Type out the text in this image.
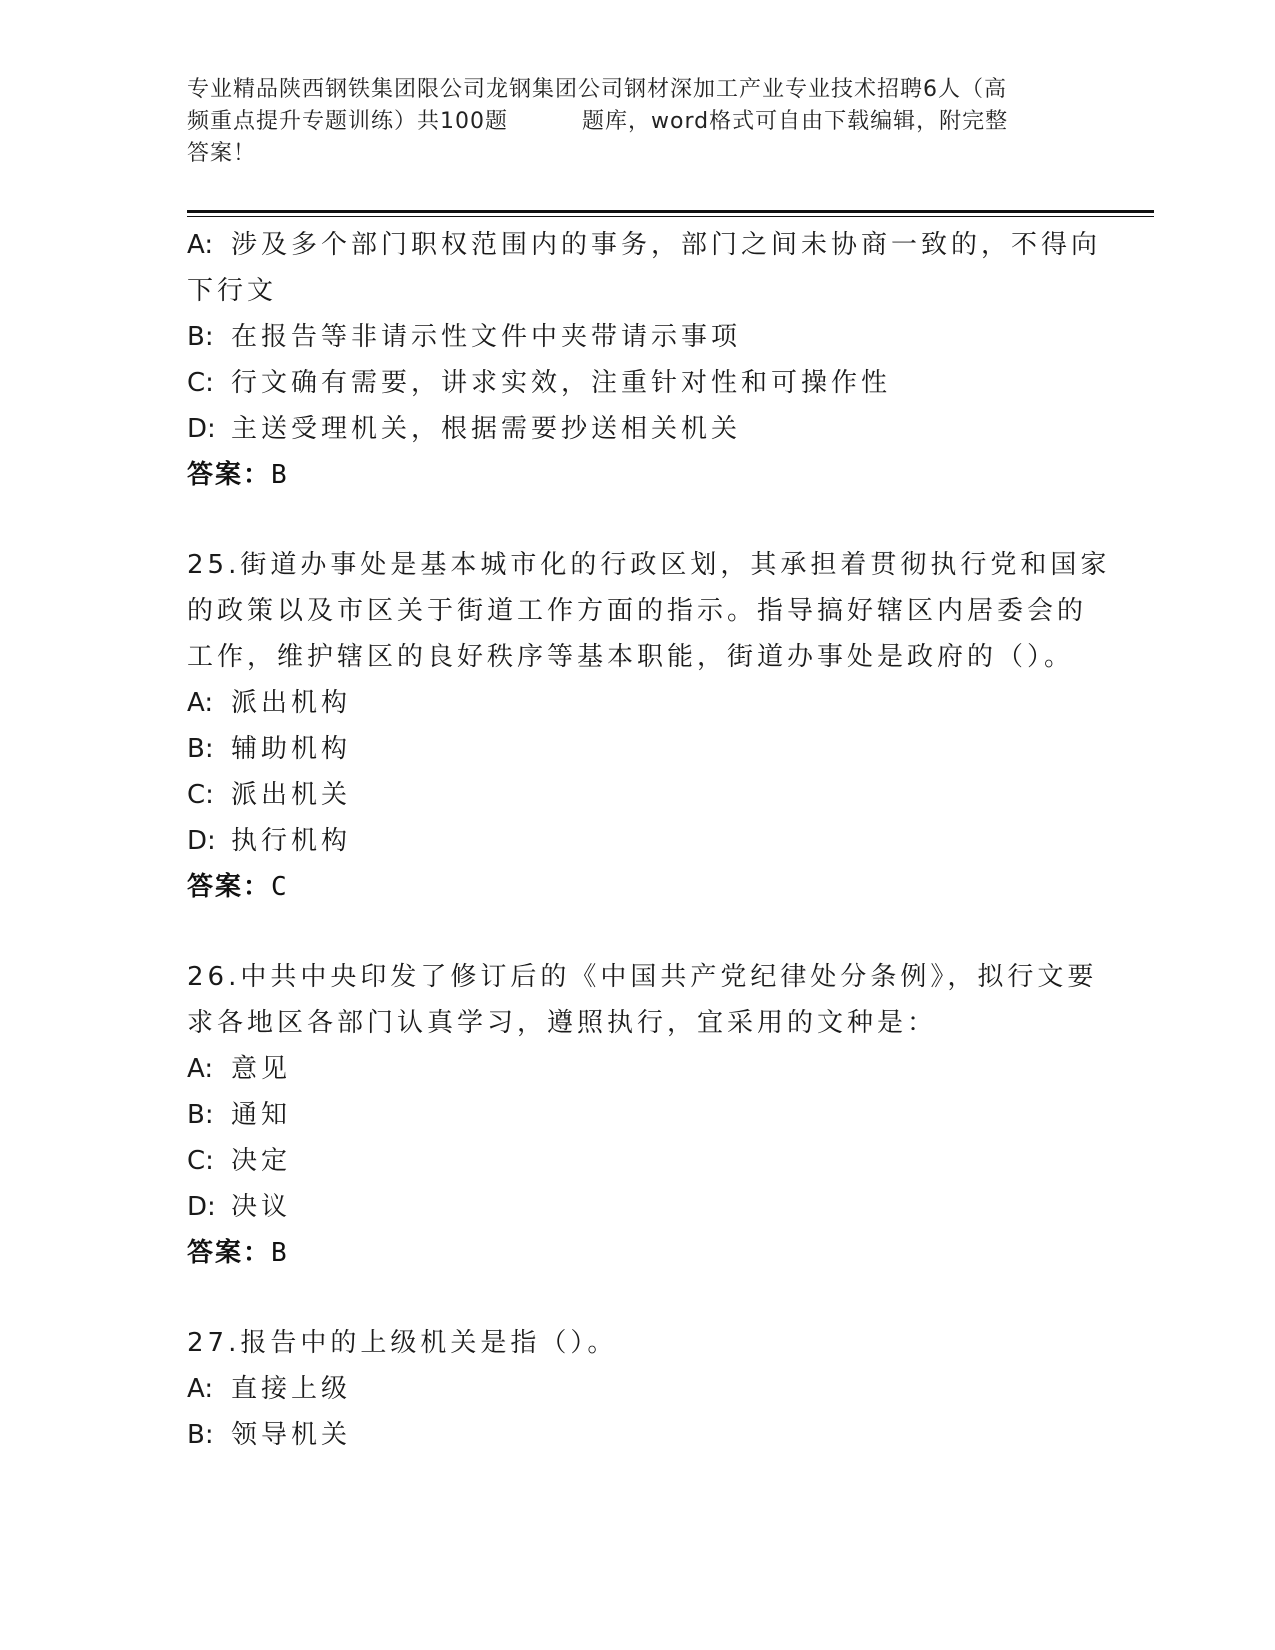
专业精品陕西钢铁集团限公司龙钢集团公司钢材深加工产业专业技术招聘6人（高
频重点提升专题训练）共100题	题库，word格式可自由下载编辑，附完整
答案！
A: 涉及多个部门职权范围内的事务，部门之间未协商一致的，不得向
下行文
B: 在报告等非请示性文件中夹带请示事项
C: 行文确有需要，讲求实效，注重针对性和可操作性
D: 主送受理机关，根据需要抄送相关机关
答案：B
25.街道办事处是基本城市化的行政区划，其承担着贯彻执行党和国家
的政策以及市区关于街道工作方面的指示。指导搞好辖区内居委会的
工作，维护辖区的良好秩序等基本职能，街道办事处是政府的（）。
A: 派出机构
B: 辅助机构
C: 派出机关
D: 执行机构
答案：C
26.中共中央印发了修订后的《中国共产党纪律处分条例》，拟行文要
求各地区各部门认真学习，遵照执行，宜采用的文种是：
A: 意见
B: 通知
C: 决定
D: 决议
答案：B
27.报告中的上级机关是指（）。
A: 直接上级
B: 领导机关
